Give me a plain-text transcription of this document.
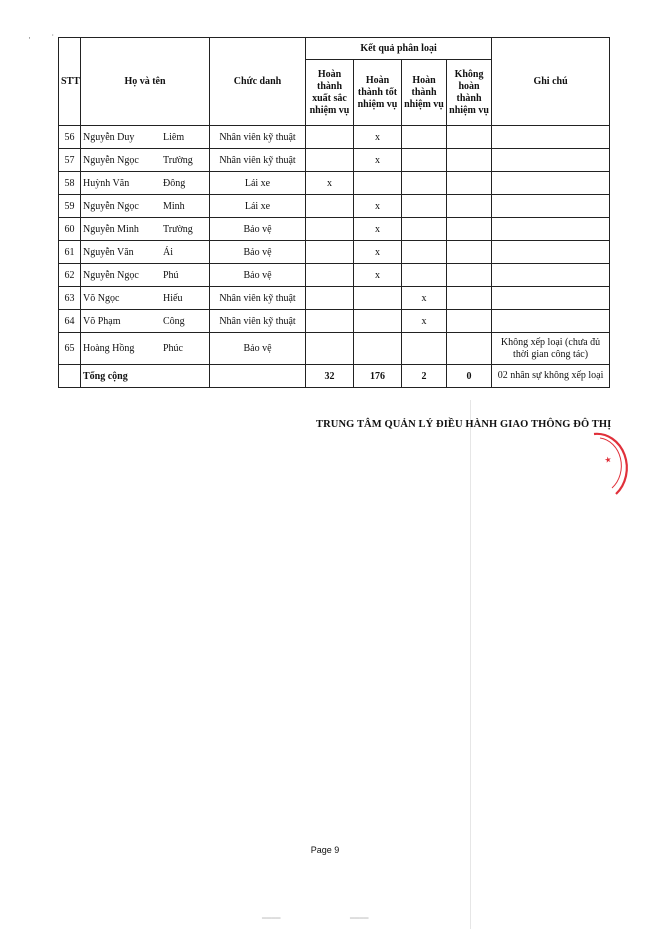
·         ˙
STT	Họ và tên	Chức danh	Kết quả phân loại				Ghi chú
			Hoàn thành xuất sắc nhiệm vụ	Hoàn thành tốt nhiệm vụ	Hoàn thành nhiệm vụ	Không hoàn thành nhiệm vụ	
56	Nguyễn Duy Liêm	Nhân viên kỹ thuật		x			
57	Nguyễn Ngọc Trường	Nhân viên kỹ thuật		x			
58	Huỳnh Văn Đông	Lái xe	x				
59	Nguyễn Ngọc Minh	Lái xe		x			
60	Nguyễn Minh Trường	Bảo vệ		x			
61	Nguyễn Văn Ái	Bảo vệ		x			
62	Nguyễn Ngọc Phú	Bảo vệ		x			
63	Võ Ngọc Hiếu	Nhân viên kỹ thuật			x		
64	Võ Phạm Công	Nhân viên kỹ thuật			x		
65	Hoàng Hồng Phúc	Bảo vệ					Không xếp loại (chưa đủ thời gian công tác)
	Tổng cộng		32	176	2	0	02 nhân sự không xếp loại
TRUNG TÂM QUẢN LÝ ĐIỀU HÀNH GIAO THÔNG ĐÔ THỊ
★
Page 9
▔▔▔▔	▔▔▔▔
